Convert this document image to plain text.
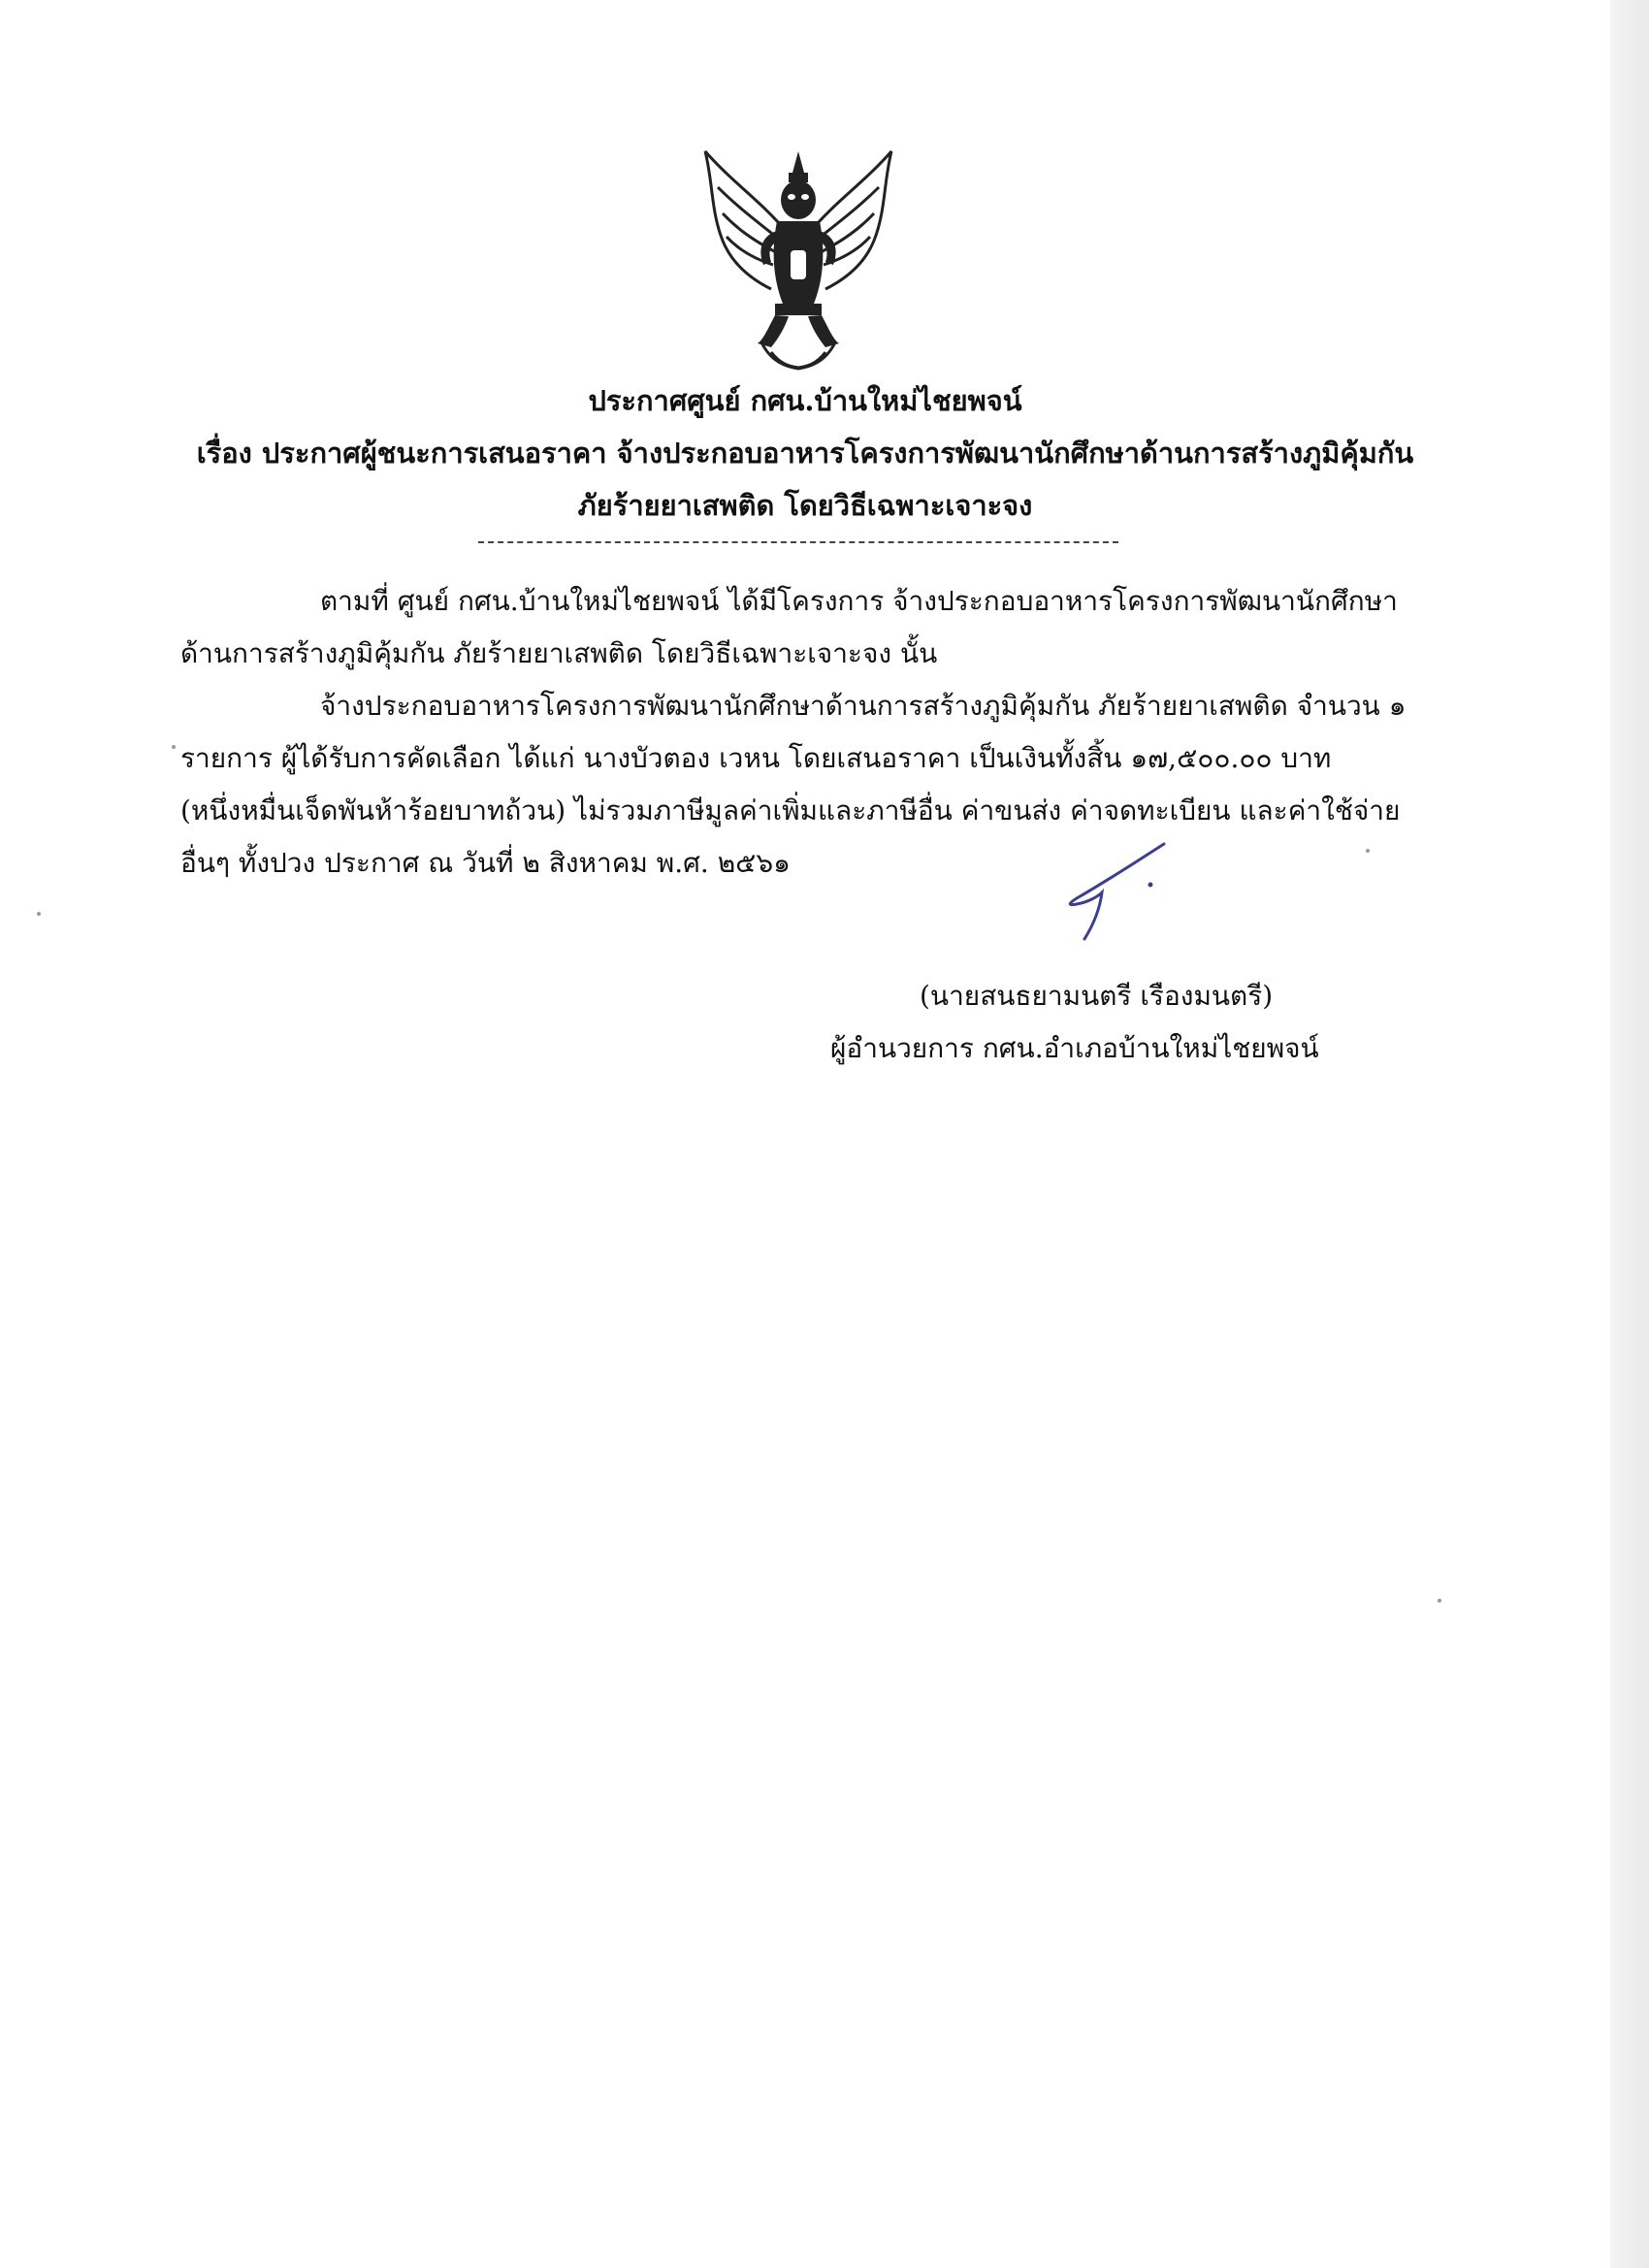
ประกาศศูนย์ กศน.บ้านใหม่ไชยพจน์
เรื่อง ประกาศผู้ชนะการเสนอราคา จ้างประกอบอาหารโครงการพัฒนานักศึกษาด้านการสร้างภูมิคุ้มกัน
ภัยร้ายยาเสพติด โดยวิธีเฉพาะเจาะจง
ตามที่ ศูนย์ กศน.บ้านใหม่ไชยพจน์ ได้มีโครงการ จ้างประกอบอาหารโครงการพัฒนานักศึกษา
ด้านการสร้างภูมิคุ้มกัน ภัยร้ายยาเสพติด โดยวิธีเฉพาะเจาะจง นั้น
จ้างประกอบอาหารโครงการพัฒนานักศึกษาด้านการสร้างภูมิคุ้มกัน ภัยร้ายยาเสพติด จำนวน ๑
รายการ ผู้ได้รับการคัดเลือก ได้แก่ นางบัวตอง เวหน โดยเสนอราคา เป็นเงินทั้งสิ้น ๑๗,๕๐๐.๐๐ บาท
(หนึ่งหมื่นเจ็ดพันห้าร้อยบาทถ้วน) ไม่รวมภาษีมูลค่าเพิ่มและภาษีอื่น ค่าขนส่ง ค่าจดทะเบียน และค่าใช้จ่าย
อื่นๆ ทั้งปวง ประกาศ ณ วันที่ ๒ สิงหาคม พ.ศ. ๒๕๖๑
(นายสนธยามนตรี เรืองมนตรี)
ผู้อำนวยการ กศน.อำเภอบ้านใหม่ไชยพจน์
